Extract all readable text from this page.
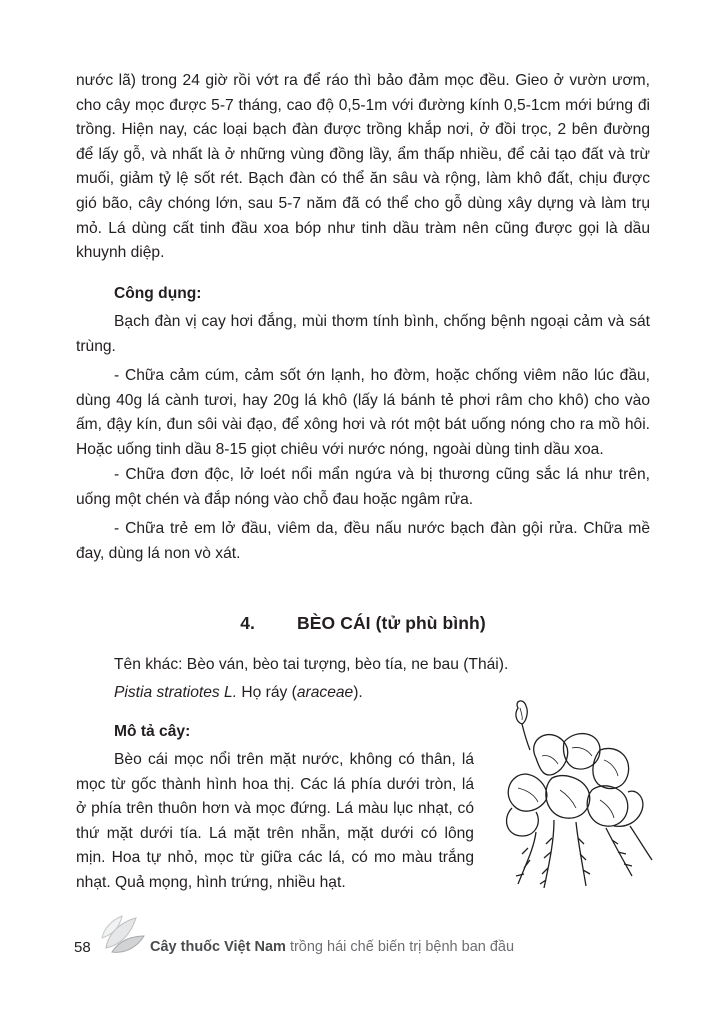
nước lã) trong 24 giờ rồi vớt ra để ráo thì bảo đảm mọc đều. Gieo ở vườn ươm, cho cây mọc được 5-7 tháng, cao độ 0,5-1m với đường kính 0,5-1cm mới bứng đi trồng. Hiện nay, các loại bạch đàn được trồng khắp nơi, ở đồi trọc, 2 bên đường để lấy gỗ, và nhất là ở những vùng đồng lầy, ẩm thấp nhiều, để cải tạo đất và trừ muối, giảm tỷ lệ sốt rét. Bạch đàn có thể ăn sâu và rộng, làm khô đất, chịu được gió bão, cây chóng lớn, sau 5-7 năm đã có thể cho gỗ dùng xây dựng và làm trụ mỏ. Lá dùng cất tinh đầu xoa bóp như tinh dầu tràm nên cũng được gọi là dầu khuynh diệp.

Công dụng:

Bạch đàn vị cay hơi đắng, mùi thơm tính bình, chống bệnh ngoại cảm và sát trùng.

- Chữa cảm cúm, cảm sốt ớn lạnh, ho đờm, hoặc chống viêm não lúc đầu, dùng 40g lá cành tươi, hay 20g lá khô (lấy lá bánh tẻ phơi râm cho khô) cho vào ấm, đậy kín, đun sôi vài đạo, để xông hơi và rót một bát uống nóng cho ra mồ hôi. Hoặc uống tinh dầu 8-15 giọt chiêu với nước nóng, ngoài dùng tinh dầu xoa.

- Chữa đơn độc, lở loét nổi mẩn ngứa và bị thương cũng sắc lá như trên, uống một chén và đắp nóng vào chỗ đau hoặc ngâm rửa.

- Chữa trẻ em lở đầu, viêm da, đều nấu nước bạch đàn gội rửa. Chữa mề đay, dùng lá non vò xát.

4. BÈO CÁI (tử phù bình)

Tên khác: Bèo ván, bèo tai tượng, bèo tía, ne bau (Thái).

Pistia stratiotes L. Họ ráy (araceae).

Mô tả cây:

Bèo cái mọc nổi trên mặt nước, không có thân, lá mọc từ gốc thành hình hoa thị. Các lá phía dưới tròn, lá ở phía trên thuôn hơn và mọc đứng. Lá màu lục nhạt, có thứ mặt dưới tía. Lá mặt trên nhẵn, mặt dưới có lông mịn. Hoa tự nhỏ, mọc từ giữa các lá, có mo màu trắng nhạt. Quả mọng, hình trứng, nhiều hạt.

58	Cây thuốc Việt Nam trồng hái chế biến trị bệnh ban đầu
